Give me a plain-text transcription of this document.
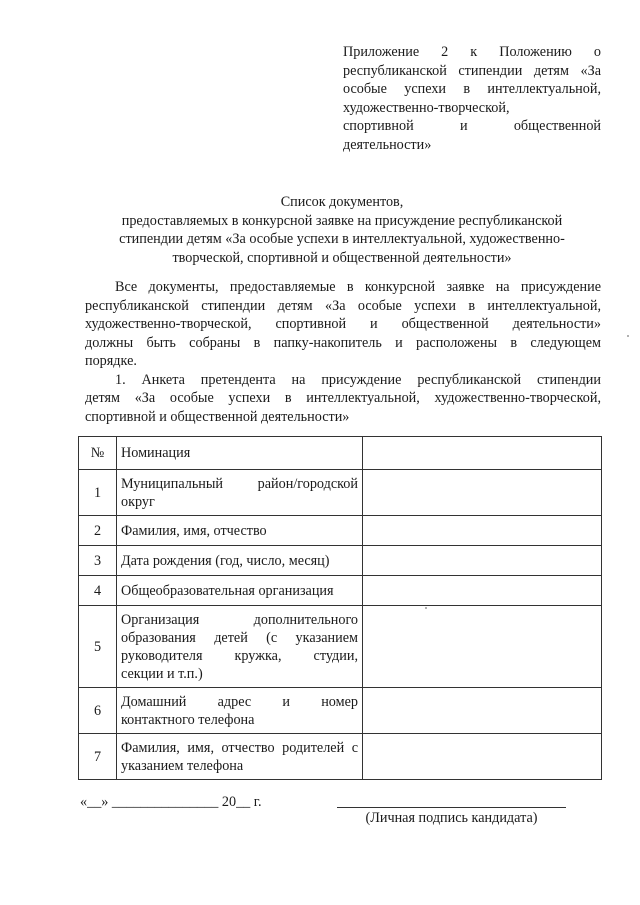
Приложение 2 к Положению о
республиканской стипендии детям «За
особые успехи в интеллектуальной,
художественно-творческой,
спортивной и общественной
деятельности»
Список документов,
предоставляемых в конкурсной заявке на присуждение республиканской
стипендии детям «За особые успехи в интеллектуальной, художественно-
творческой, спортивной и общественной деятельности»
Все документы, предоставляемые в конкурсной заявке на присуждение
республиканской стипендии детям «За особые успехи в интеллектуальной,
художественно-творческой, спортивной и общественной деятельности»
должны быть собраны в папку-накопитель и расположены в следующем
порядке.
1. Анкета претендента на присуждение республиканской стипендии
детям «За особые успехи в интеллектуальной, художественно-творческой,
спортивной и общественной деятельности»
№	Номинация	
1	Муниципальный район/городской
округ	

2	Фамилия, имя, отчество	

3	Дата рождения (год, число, месяц)	

4	Общеобразовательная организация	

5	Организация дополнительного
образования детей (с указанием
руководителя кружка, студии,
секции и т.п.)	

6	Домашний адрес и номер
контактного телефона	

7	Фамилия, имя, отчество родителей с
указанием телефона	

«__» _______________ 20__ г.
(Личная подпись кандидата)
